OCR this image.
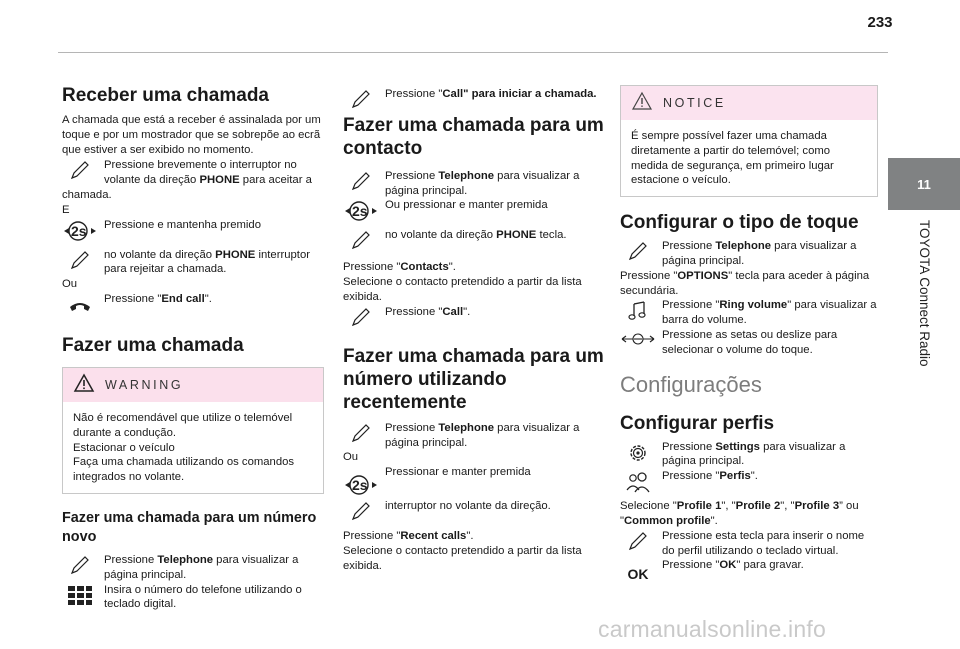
233
11
TOYOTA Connect Radio
Receber uma chamada

A chamada que está a receber é assinalada por um toque e por um mostrador que se sobrepõe ao ecrã que estiver a ser exibido no momento.

Pressione brevemente o interruptor no volante da direção PHONE para aceitar a

chamada.

E

2s Pressione e mantenha premido
no volante da direção PHONE interruptor para rejeitar a chamada.

Ou

Pressione "End call".
Fazer uma chamada
WARNING

Não é recomendável que utilize o telemóvel durante a condução.

Estacionar o veículo

Faça uma chamada utilizando os comandos integrados no volante.

Fazer uma chamada para um número novo
Pressione Telephone para visualizar a página principal.
Insira o número do telefone utilizando o teclado digital.
Pressione "Call" para iniciar a chamada.
Fazer uma chamada para um contacto
Pressione Telephone para visualizar a página principal.
2s Ou pressionar e manter premida
no volante da direção PHONE tecla.

Pressione "Contacts".

Selecione o contacto pretendido a partir da lista exibida.

Pressione "Call".
Fazer uma chamada para um número utilizando recentemente
Pressione Telephone para visualizar a página principal.

Ou

2s
Pressionar e manter premida
interruptor no volante da direção.

Pressione "Recent calls".

Selecione o contacto pretendido a partir da lista exibida.

NOTICE

É sempre possível fazer uma chamada diretamente a partir do telemóvel; como medida de segurança, em primeiro lugar estacione o veículo.

Configurar o tipo de toque
Pressione Telephone para visualizar a página principal.

Pressione "OPTIONS" tecla para aceder à página secundária.

Pressione "Ring volume" para visualizar a barra do volume.
Pressione as setas ou deslize para selecionar o volume do toque.
Configurações
Configurar perfis
Pressione Settings para visualizar a página principal.
Pressione "Perfis".

Selecione "Profile 1", "Profile 2", "Profile 3” ou "Common profile".

Pressione esta tecla para inserir o nome do perfil utilizando o teclado virtual.
OK
Pressione "OK" para gravar.
carmanualsonline.info
